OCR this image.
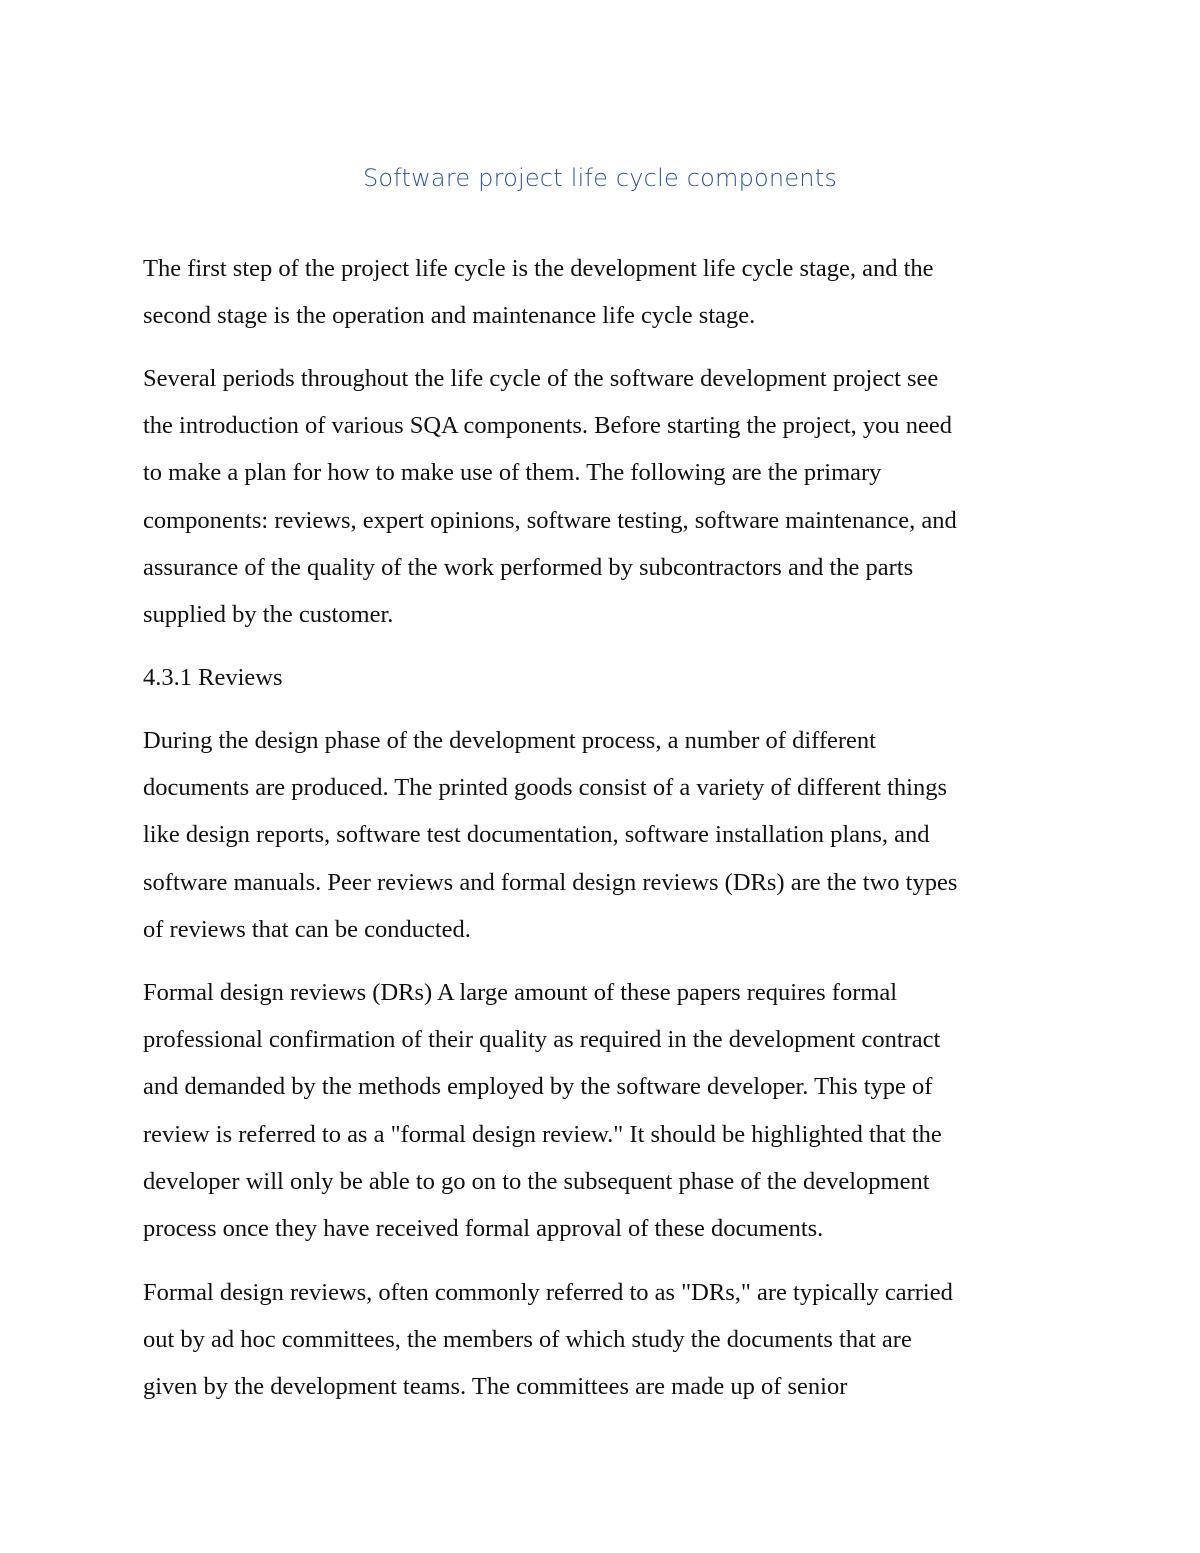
Software project life cycle components
The first step of the project life cycle is the development life cycle stage, and the
second stage is the operation and maintenance life cycle stage.
Several periods throughout the life cycle of the software development project see
the introduction of various SQA components. Before starting the project, you need
to make a plan for how to make use of them. The following are the primary
components: reviews, expert opinions, software testing, software maintenance, and
assurance of the quality of the work performed by subcontractors and the parts
supplied by the customer.
4.3.1 Reviews
During the design phase of the development process, a number of different
documents are produced. The printed goods consist of a variety of different things
like design reports, software test documentation, software installation plans, and
software manuals. Peer reviews and formal design reviews (DRs) are the two types
of reviews that can be conducted.
Formal design reviews (DRs) A large amount of these papers requires formal
professional confirmation of their quality as required in the development contract
and demanded by the methods employed by the software developer. This type of
review is referred to as a "formal design review." It should be highlighted that the
developer will only be able to go on to the subsequent phase of the development
process once they have received formal approval of these documents.
Formal design reviews, often commonly referred to as "DRs," are typically carried
out by ad hoc committees, the members of which study the documents that are
given by the development teams. The committees are made up of senior
